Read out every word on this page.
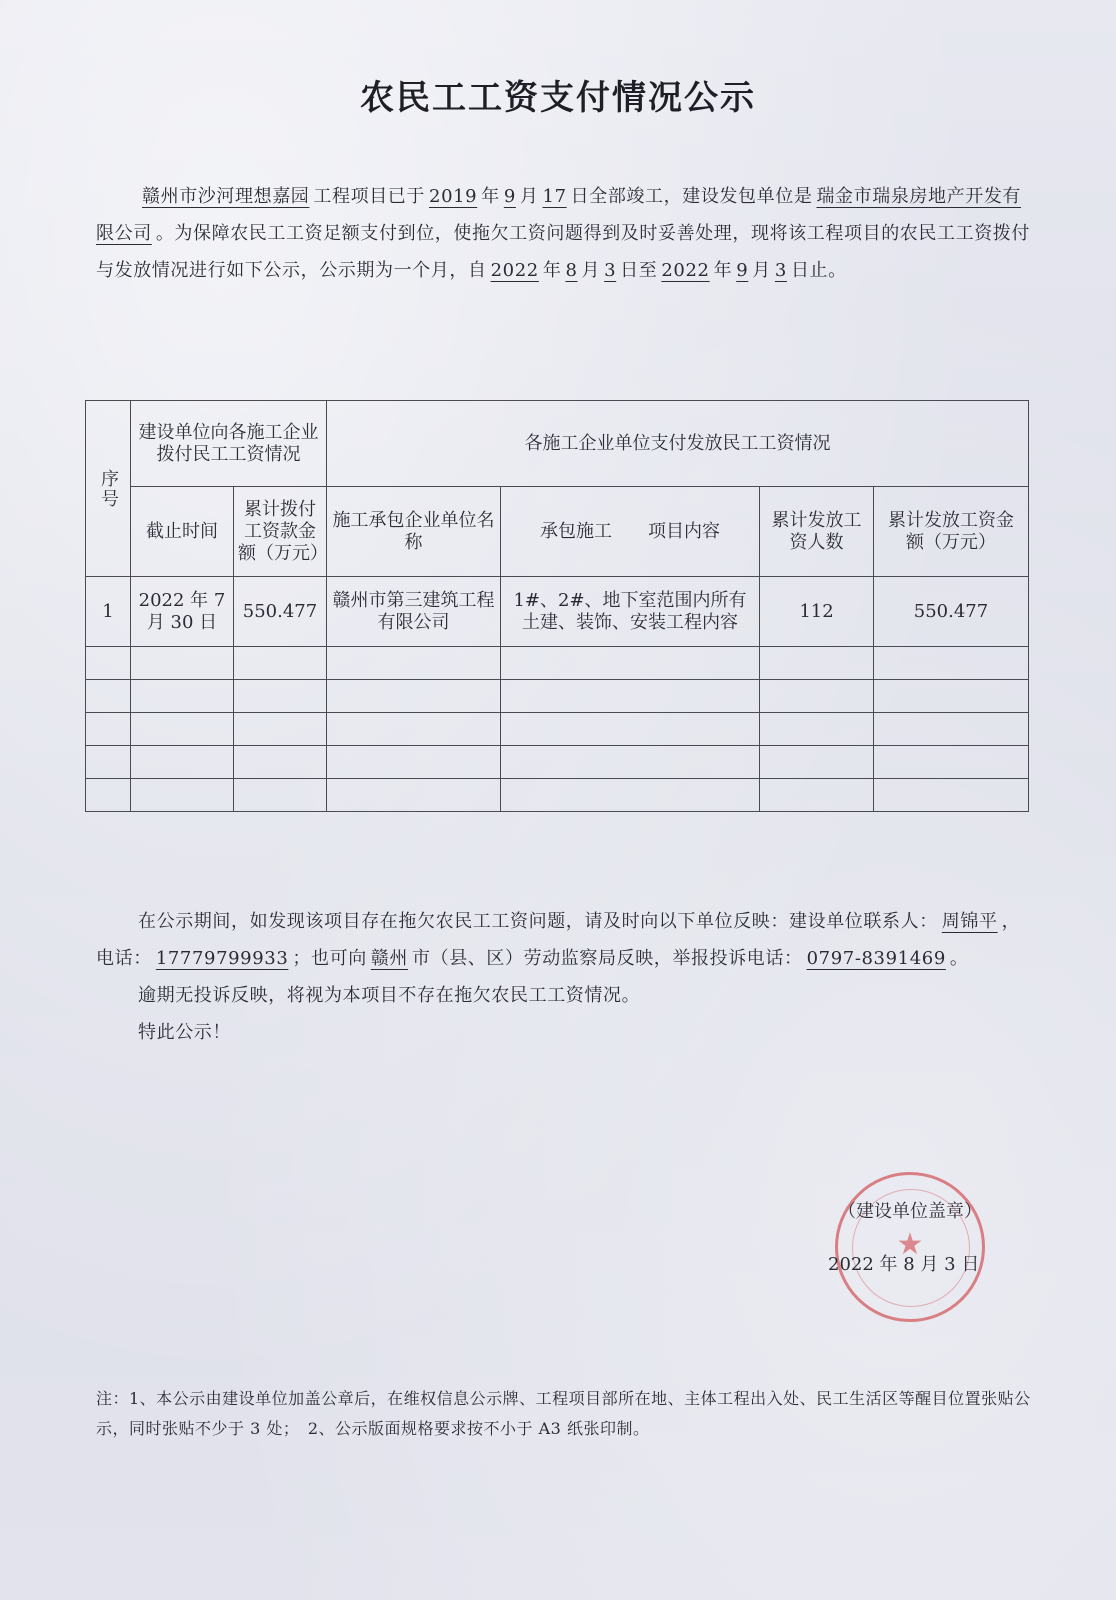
农民工工资支付情况公示
赣州市沙河理想嘉园 工程项目已于 2019 年 9 月 17 日全部竣工，建设发包单位是 瑞金市瑞泉房地产开发有限公司 。为保障农民工工资足额支付到位，使拖欠工资问题得到及时妥善处理，现将该工程项目的农民工工资拨付与发放情况进行如下公示，公示期为一个月，自 2022 年 8 月 3 日至 2022 年 9 月 3 日止。
序号	建设单位向各施工企业拨付民工工资情况		各施工企业单位支付发放民工工资情况			
	截止时间	累计拨付工资款金额（万元）	施工承包企业单位名称	承包施工　　项目内容	累计发放工资人数	累计发放工资金　额（万元）
1	2022 年 7 月 30 日	550.477	赣州市第三建筑工程有限公司	1#、2#、地下室范围内所有土建、装饰、安装工程内容	112	550.477

在公示期间，如发现该项目存在拖欠农民工工资问题，请及时向以下单位反映：建设单位联系人： 周锦平 ，电话： 17779799933 ；也可向 赣州 市（县、区）劳动监察局反映，举报投诉电话： 0797-8391469 。

逾期无投诉反映，将视为本项目不存在拖欠农民工工资情况。

特此公示！

★
（建设单位盖章）
2022 年 8 月 3 日
注：1、本公示由建设单位加盖公章后，在维权信息公示牌、工程项目部所在地、主体工程出入处、民工生活区等醒目位置张贴公示，同时张贴不少于 3 处；　2、公示版面规格要求按不小于 A3 纸张印制。
